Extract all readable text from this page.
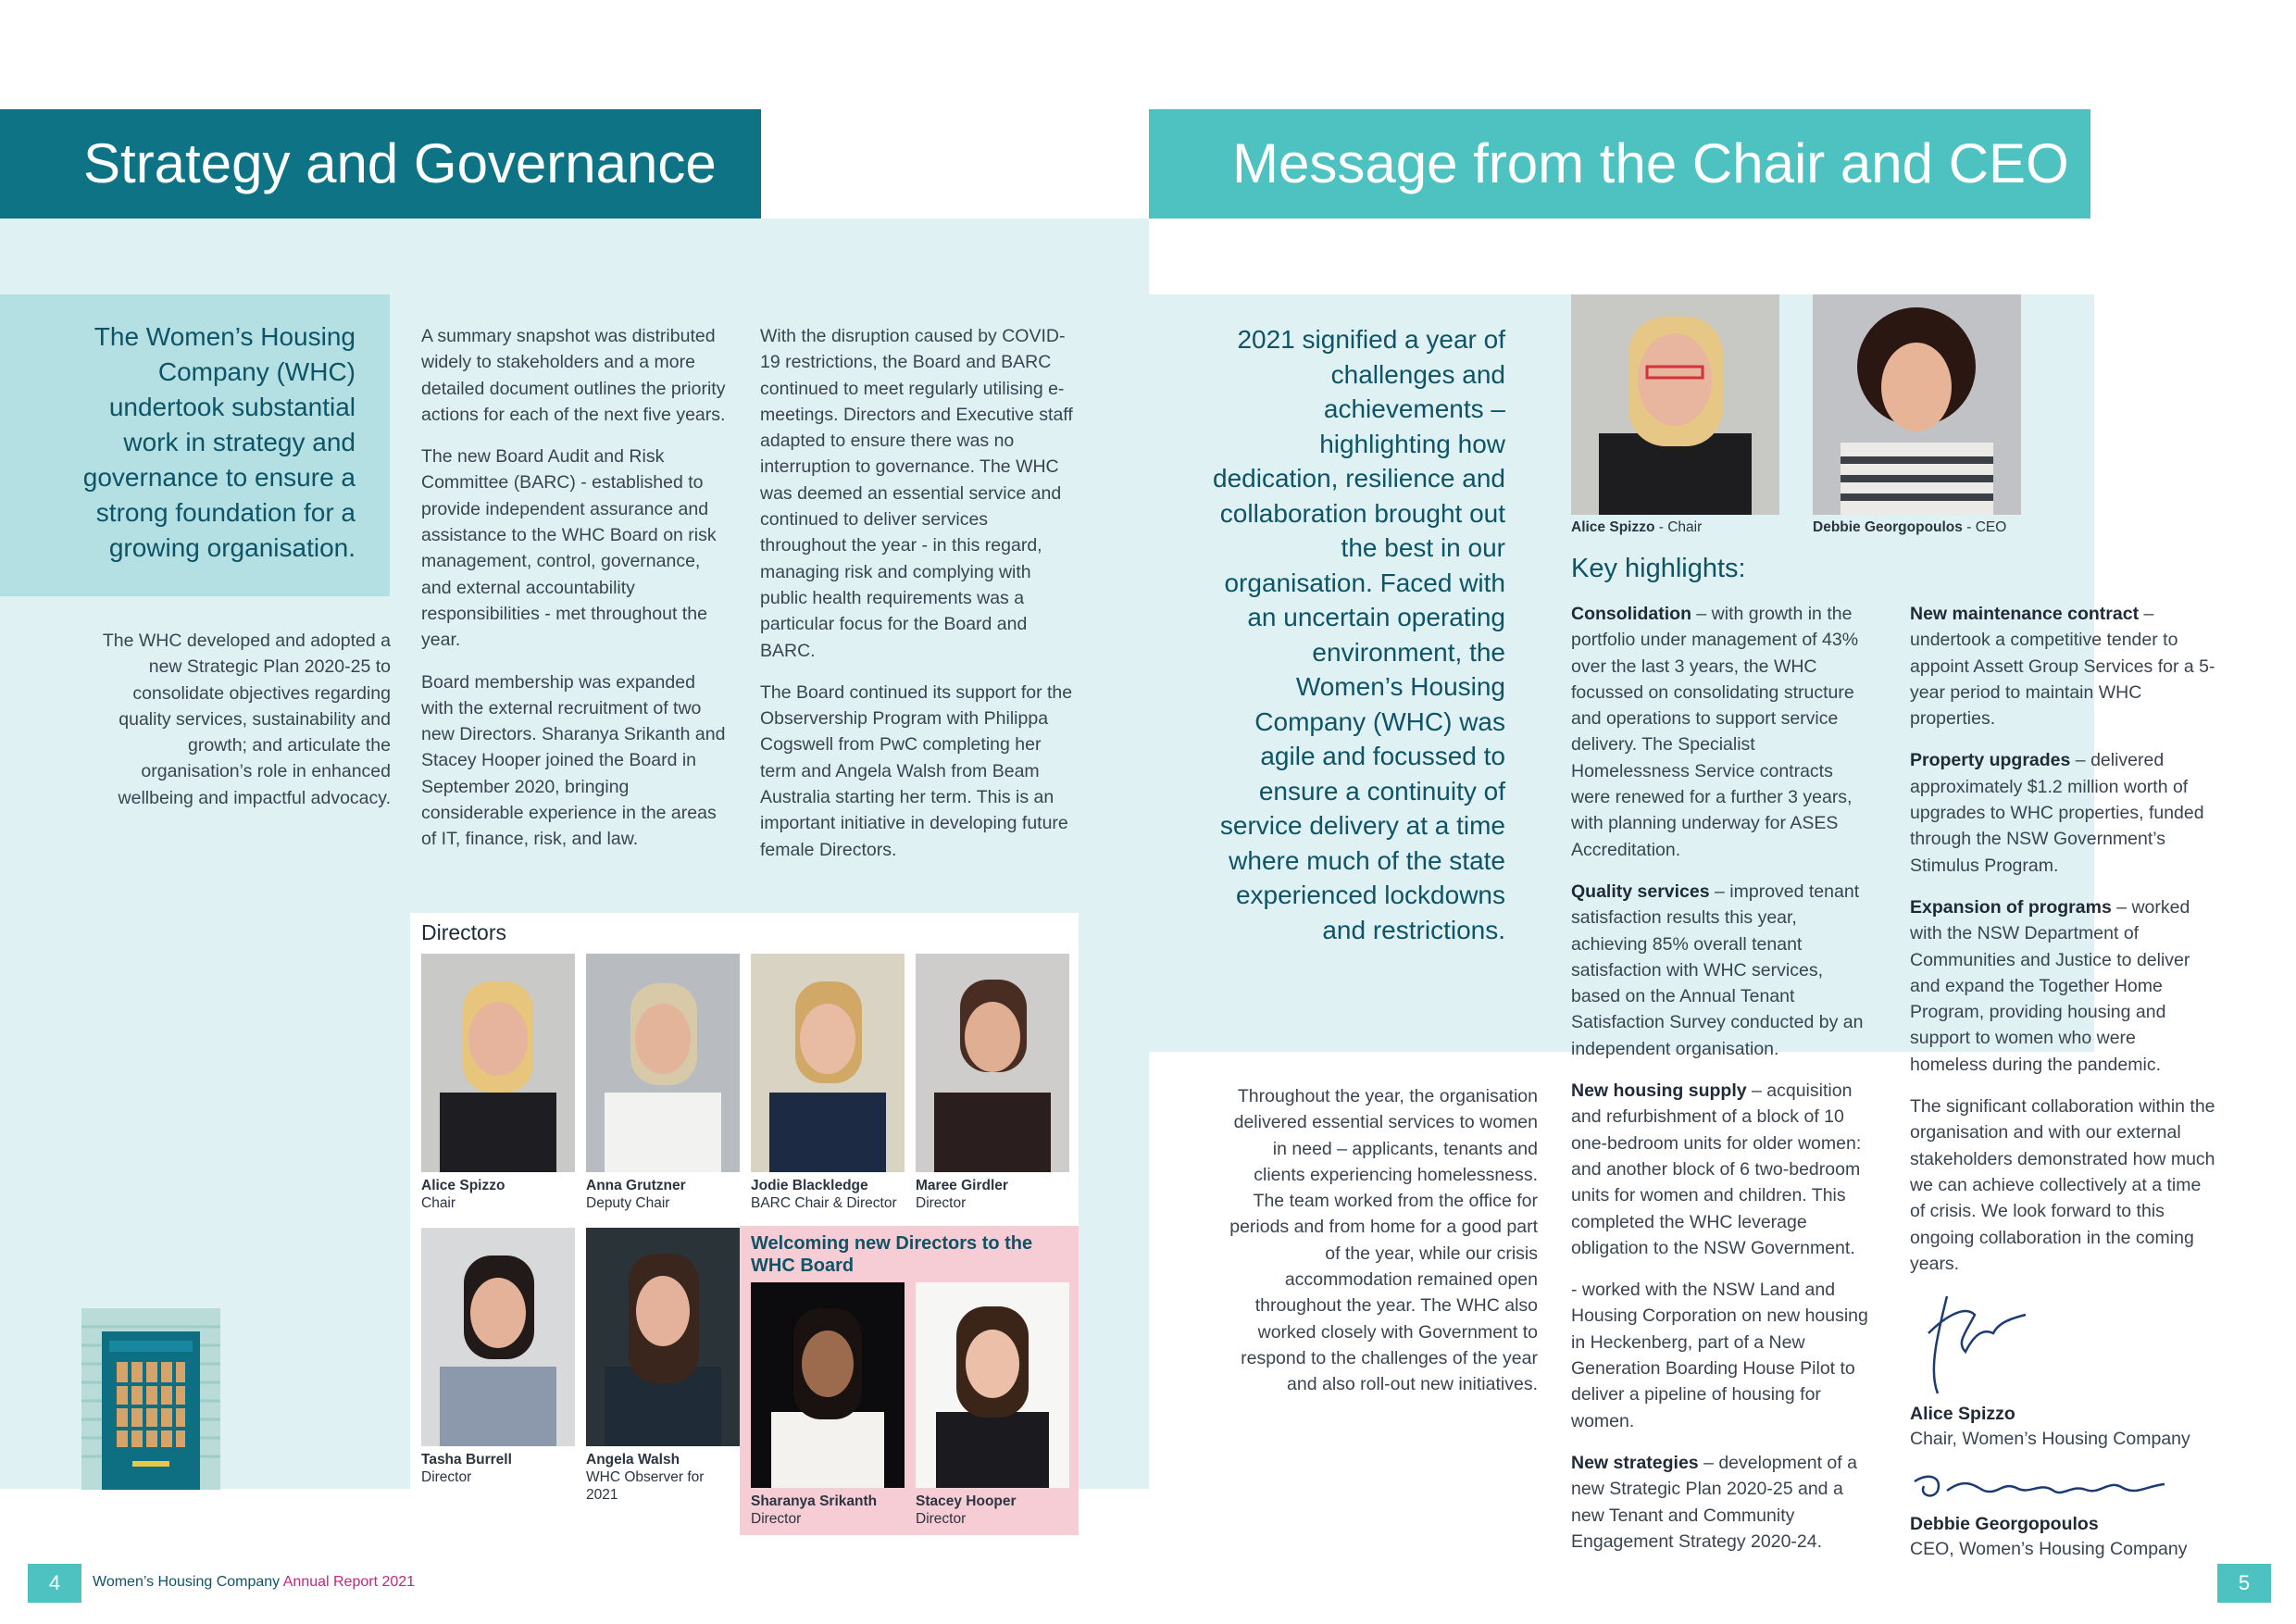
Strategy and Governance
The Women’s Housing Company (WHC) undertook substantial work in strategy and governance to ensure a strong foundation for a growing organisation.
The WHC developed and adopted a new Strategic Plan 2020-25 to consolidate objectives regarding quality services, sustainability and growth; and articulate the organisation’s role in enhanced wellbeing and impactful advocacy.

A summary snapshot was distributed widely to stakeholders and a more detailed document outlines the priority actions for each of the next five years.

The new Board Audit and Risk Committee (BARC) - established to provide independent assurance and assistance to the WHC Board on risk management, control, governance, and external accountability responsibilities - met throughout the year.

Board membership was expanded with the external recruitment of two new Directors. Sharanya Srikanth and Stacey Hooper joined the Board in September 2020, bringing considerable experience in the areas of IT, finance, risk, and law.

With the disruption caused by COVID-19 restrictions, the Board and BARC continued to meet regularly utilising e-meetings. Directors and Executive staff adapted to ensure there was no interruption to governance. The WHC was deemed an essential service and continued to deliver services throughout the year - in this regard, managing risk and complying with public health requirements was a particular focus for the Board and BARC.

The Board continued its support for the Observership Program with Philippa Cogswell from PwC completing her term and Angela Walsh from Beam Australia starting her term. This is an important initiative in developing future female Directors.

Directors
Alice Spizzo
Chair
Anna Grutzner
Deputy Chair
Jodie Blackledge
BARC Chair & Director
Maree Girdler
Director
Tasha Burrell
Director
Angela Walsh
WHC Observer for 2021
Welcoming new Directors to the WHC Board
Sharanya Srikanth
Director
Stacey Hooper
Director
4	Women’s Housing Company Annual Report 2021
Message from the Chair and CEO
2021 signified a year of challenges and achievements – highlighting how dedication, resilience and collaboration brought out the best in our organisation. Faced with an uncertain operating environment, the Women’s Housing Company (WHC) was agile and focussed to ensure a continuity of service delivery at a time where much of the state experienced lockdowns and restrictions.
Throughout the year, the organisation delivered essential services to women in need – applicants, tenants and clients experiencing homelessness. The team worked from the office for periods and from home for a good part of the year, while our crisis accommodation remained open throughout the year. The WHC also worked closely with Government to respond to the challenges of the year and also roll-out new initiatives.
Alice Spizzo - Chair	Debbie Georgopoulos - CEO
Key highlights:

Consolidation – with growth in the portfolio under management of 43% over the last 3 years, the WHC focussed on consolidating structure and operations to support service delivery. The Specialist Homelessness Service contracts were renewed for a further 3 years, with planning underway for ASES Accreditation.

Quality services – improved tenant satisfaction results this year, achieving 85% overall tenant satisfaction with WHC services, based on the Annual Tenant Satisfaction Survey conducted by an independent organisation.

New housing supply – acquisition and refurbishment of a block of 10 one-bedroom units for older women: and another block of 6 two-bedroom units for women and children. This completed the WHC leverage obligation to the NSW Government.

- worked with the NSW Land and Housing Corporation on new housing in Heckenberg, part of a New Generation Boarding House Pilot to deliver a pipeline of housing for women.

New strategies – development of a new Strategic Plan 2020-25 and a new Tenant and Community Engagement Strategy 2020-24.

New maintenance contract – undertook a competitive tender to appoint Assett Group Services for a 5-year period to maintain WHC properties.

Property upgrades – delivered approximately $1.2 million worth of upgrades to WHC properties, funded through the NSW Government’s Stimulus Program.

Expansion of programs – worked with the NSW Department of Communities and Justice to deliver and expand the Together Home Program, providing housing and support to women who were homeless during the pandemic.

The significant collaboration within the organisation and with our external stakeholders demonstrated how much we can achieve collectively at a time of crisis. We look forward to this ongoing collaboration in the coming years.

Alice Spizzo
Chair, Women’s Housing Company
Debbie Georgopoulos
CEO, Women’s Housing Company
5
